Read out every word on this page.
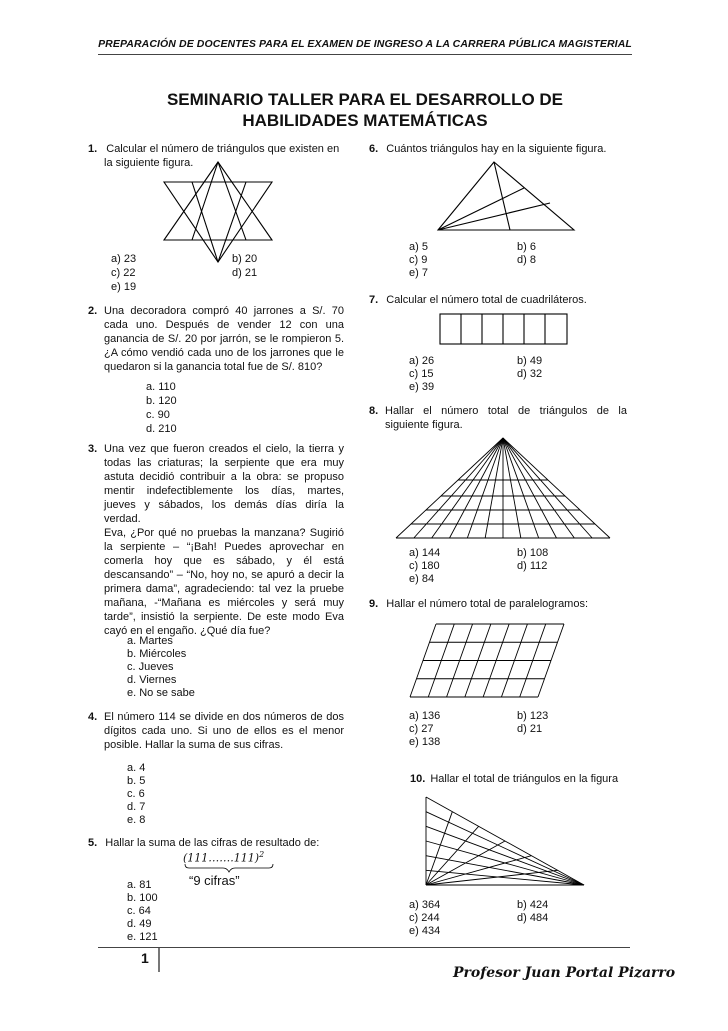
PREPARACIÓN DE DOCENTES PARA EL EXAMEN DE INGRESO A LA CARRERA PÚBLICA MAGISTERIAL
SEMINARIO TALLER PARA EL DESARROLLO DE
HABILIDADES MATEMÁTICAS
1. Calcular el número de triángulos que existen en
la siguiente figura.
a) 23	b) 20
c) 22	d) 21
e) 19
2. Una decoradora compró 40 jarrones a S/. 70

cada uno. Después de vender 12 con una

ganancia de S/. 20 por jarrón, se le rompieron 5.

¿A cómo vendió cada uno de los jarrones que le

quedaron si la ganancia total fue de S/. 810?

a. 110
b. 120
c. 90
d. 210
3. Una vez que fueron creados el cielo, la tierra y

todas las criaturas; la serpiente que era muy

astuta decidió contribuir a la obra: se propuso

mentir indefectiblemente los días, martes,

jueves y sábados, los demás días diría la

verdad.

Eva, ¿Por qué no pruebas la manzana? Sugirió

la serpiente – “¡Bah! Puedes aprovechar en

comerla hoy que es sábado, y él está

descansando” – “No, hoy no, se apuró a decir la

primera dama”, agradeciendo: tal vez la pruebe

mañana, -“Mañana es miércoles y será muy

tarde”, insistió la serpiente. De este modo Eva

cayó en el engaño. ¿Qué día fue?

a. Martes
b. Miércoles
c. Jueves
d. Viernes
e. No se sabe
4. El número 114 se divide en dos números de dos

dígitos cada uno. Si uno de ellos es el menor

posible. Hallar la suma de sus cifras.

a. 4
b. 5
c. 6
d. 7
e. 8
5. Hallar la suma de las cifras de resultado de:
(111…….111)$^2$
“9 cifras”
a. 81
b. 100
c. 64
d. 49
e. 121
6. Cuántos triángulos hay en la siguiente figura.
a) 5	b) 6
c) 9	d) 8
e) 7
7. Calcular el número total de cuadriláteros.
a) 26	b) 49
c) 15	d) 32
e) 39
8. Hallar el número total de triángulos de la

siguiente figura.

a) 144	b) 108
c) 180	d) 112
e) 84
9. Hallar el número total de paralelogramos:
a) 136	b) 123
c) 27	d) 21
e) 138
10. Hallar el total de triángulos en la figura
a) 364	b) 424
c) 244	d) 484
e) 434
1
Profesor Juan Portal Pizarro
